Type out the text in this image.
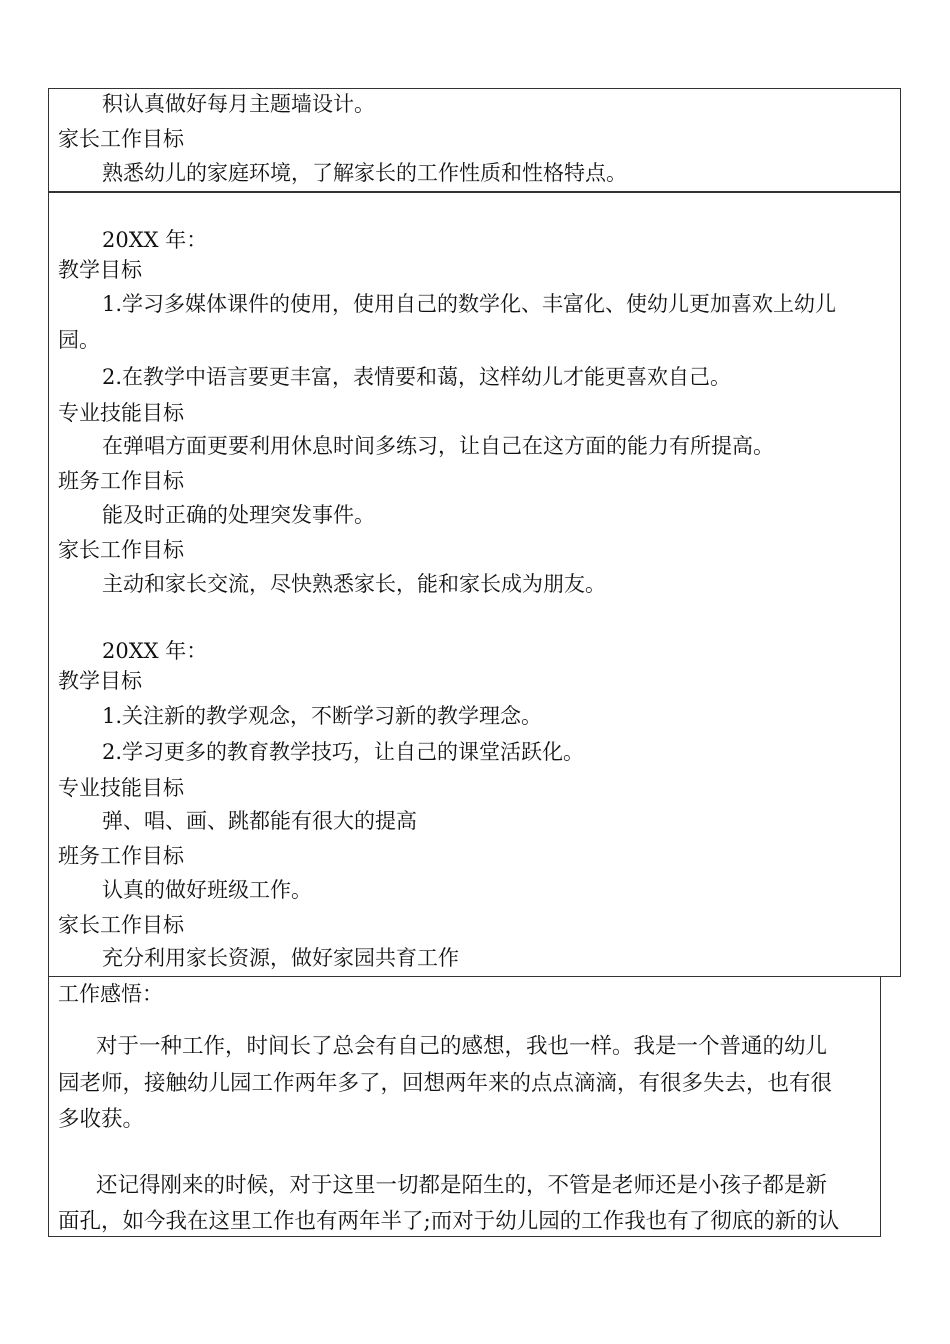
积认真做好每月主题墙设计。
家长工作目标
熟悉幼儿的家庭环境，了解家长的工作性质和性格特点。
20XX 年：
教学目标
1.学习多媒体课件的使用，使用自己的数学化、丰富化、使幼儿更加喜欢上幼儿
园。
2.在教学中语言要更丰富，表情要和蔼，这样幼儿才能更喜欢自己。
专业技能目标
在弹唱方面更要利用休息时间多练习，让自己在这方面的能力有所提高。
班务工作目标
能及时正确的处理突发事件。
家长工作目标
主动和家长交流，尽快熟悉家长，能和家长成为朋友。
20XX 年：
教学目标
1.关注新的教学观念，不断学习新的教学理念。
2.学习更多的教育教学技巧，让自己的课堂活跃化。
专业技能目标
弹、唱、画、跳都能有很大的提高
班务工作目标
认真的做好班级工作。
家长工作目标
充分利用家长资源，做好家园共育工作
工作感悟：
对于一种工作，时间长了总会有自己的感想，我也一样。我是一个普通的幼儿
园老师，接触幼儿园工作两年多了，回想两年来的点点滴滴，有很多失去，也有很
多收获。
还记得刚来的时候，对于这里一切都是陌生的，不管是老师还是小孩子都是新
面孔，如今我在这里工作也有两年半了;而对于幼儿园的工作我也有了彻底的新的认
